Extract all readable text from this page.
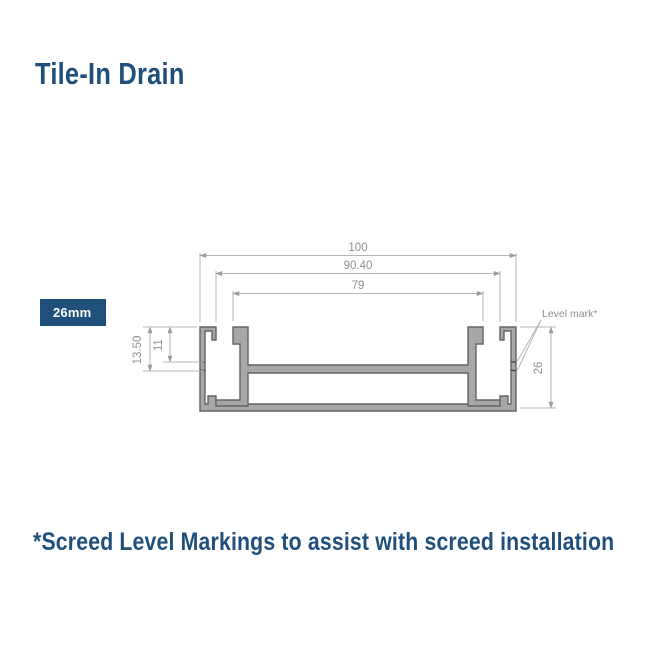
Tile-In Drain
26mm
100
90.40
79
13.50 11
26
Level mark*

*Screed Level Markings to assist with screed installation
